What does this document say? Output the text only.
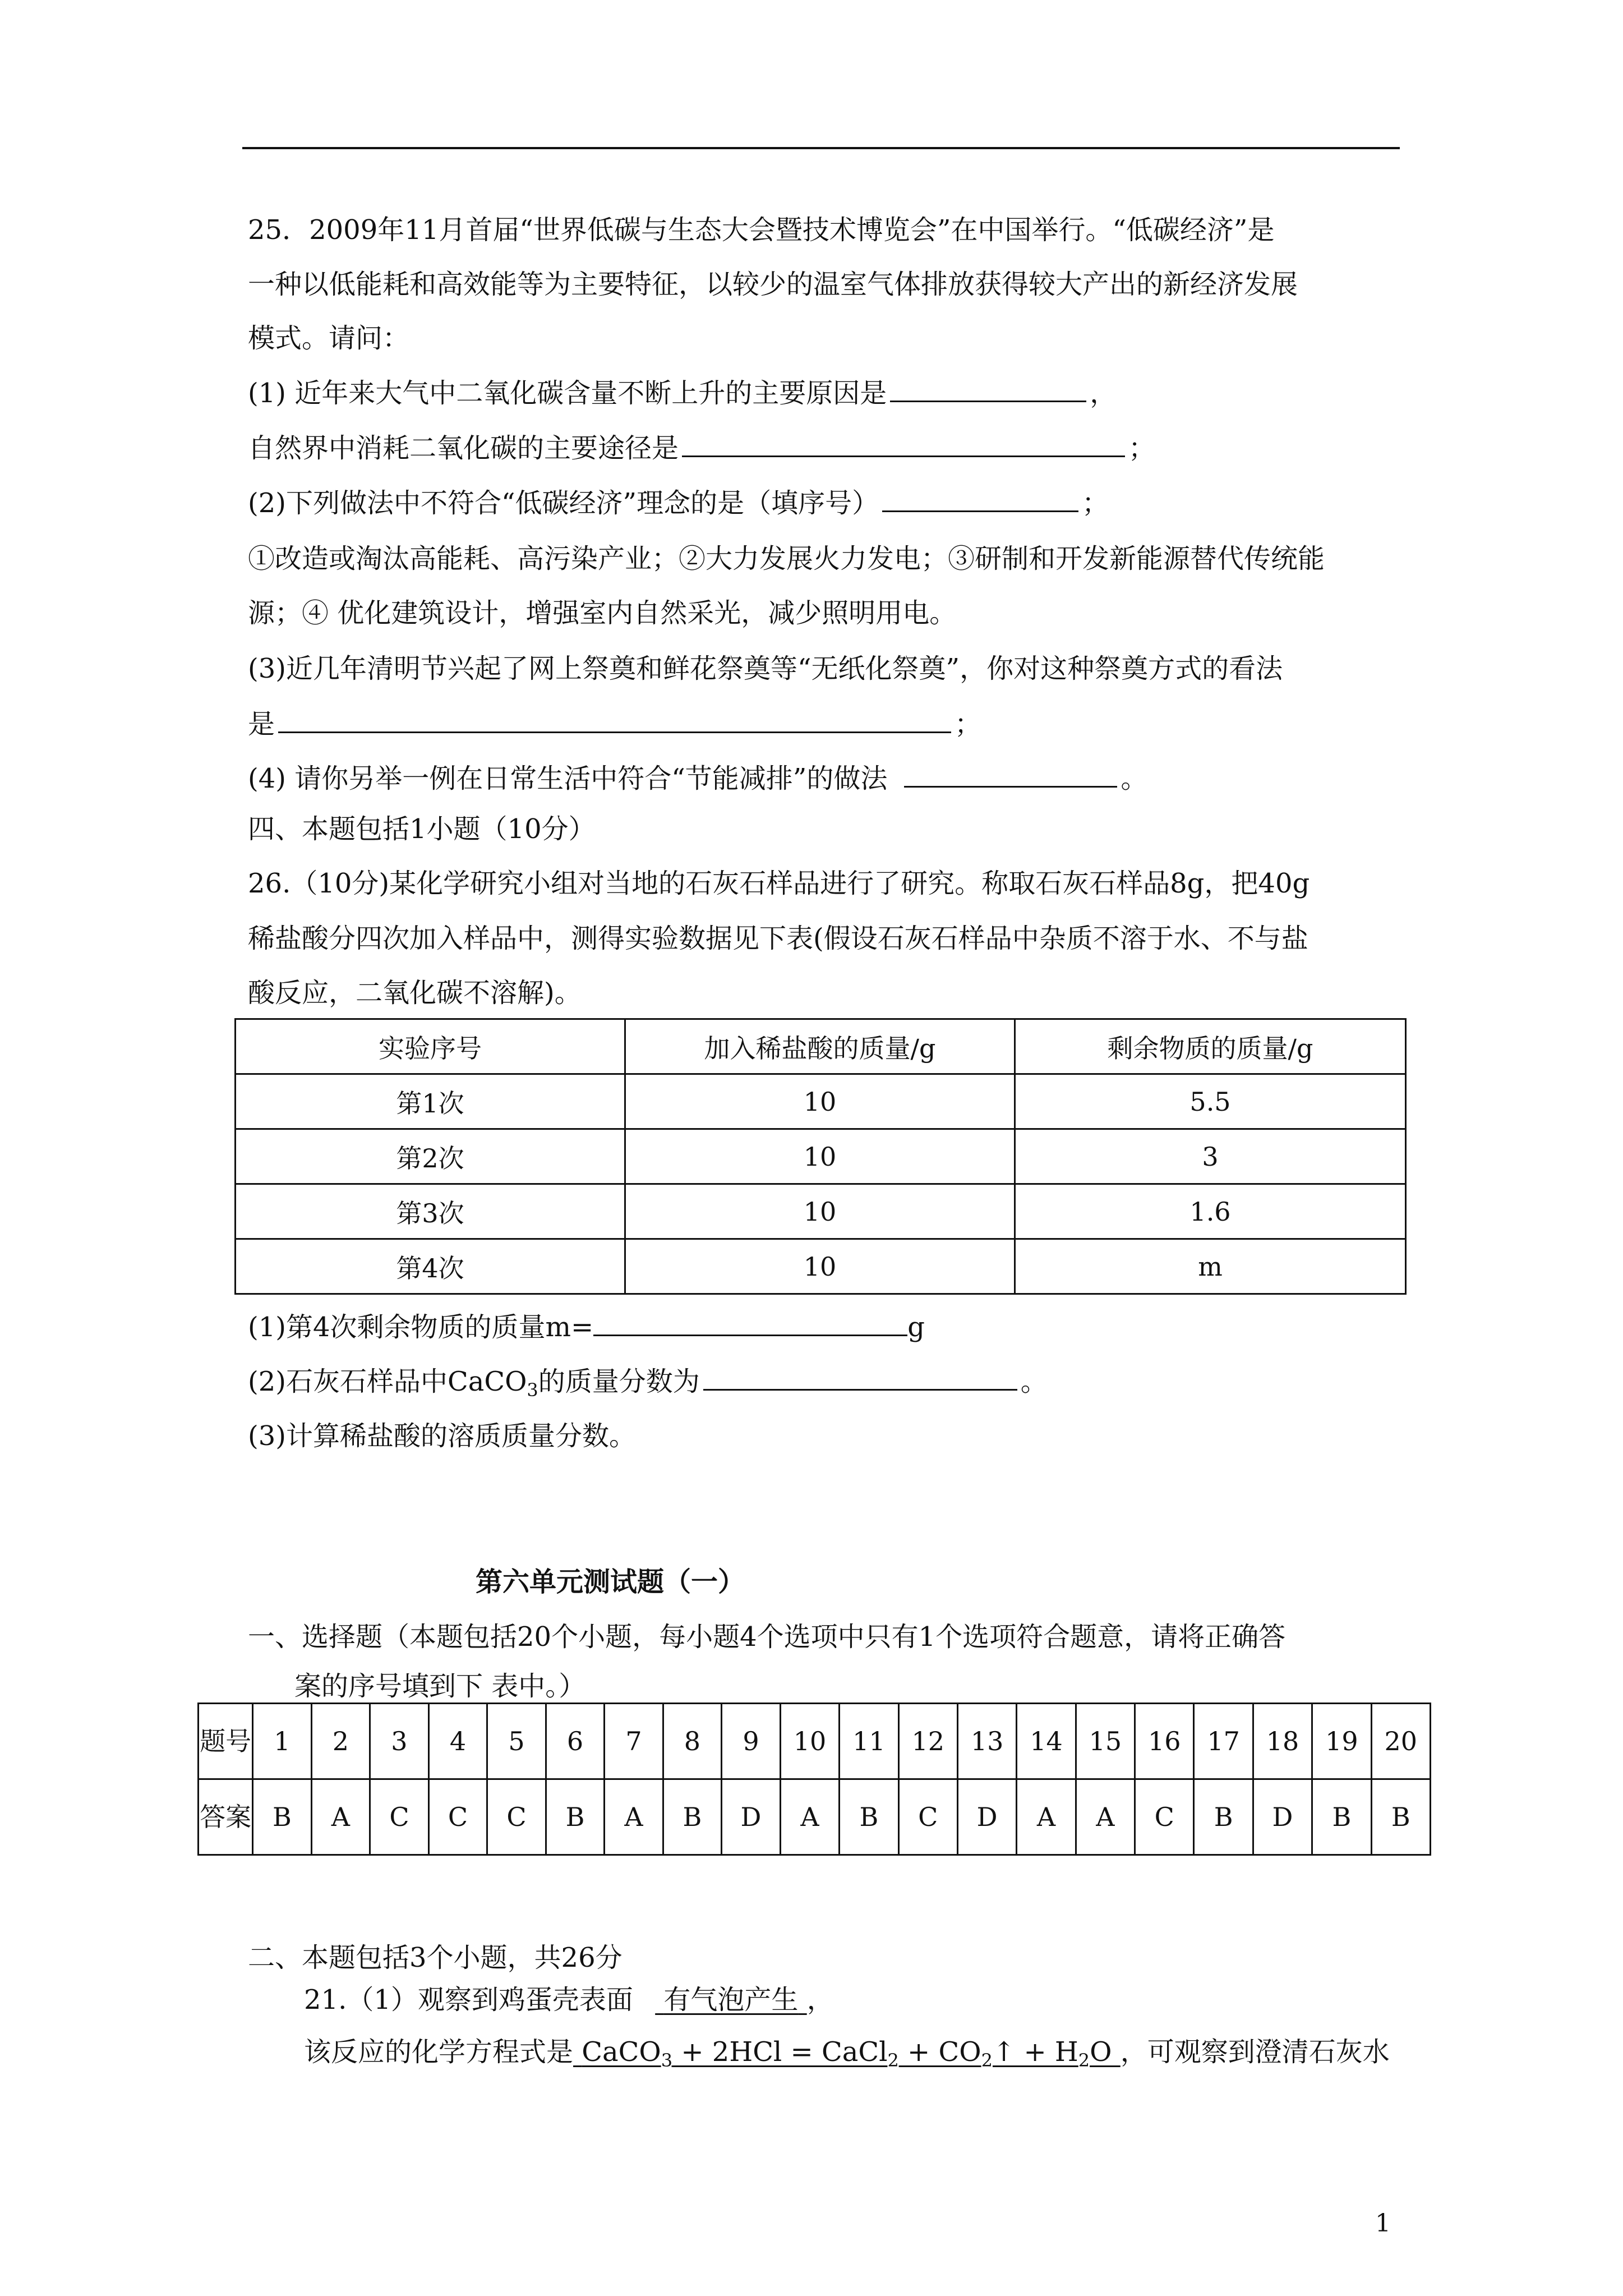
25．2009年11月首届“世界低碳与生态大会暨技术博览会”在中国举行。“低碳经济”是
一种以低能耗和高效能等为主要特征，以较少的温室气体排放获得较大产出的新经济发展
模式。请问：
(1) 近年来大气中二氧化碳含量不断上升的主要原因是	，
自然界中消耗二氧化碳的主要途径是	；
(2)下列做法中不符合“低碳经济”理念的是（填序号）	；
①改造或淘汰高能耗、高污染产业；②大力发展火力发电；③研制和开发新能源替代传统能
源；④ 优化建筑设计，增强室内自然采光，减少照明用电。
(3)近几年清明节兴起了网上祭奠和鲜花祭奠等“无纸化祭奠”，你对这种祭奠方式的看法
是	；
(4) 请你另举一例在日常生活中符合“节能减排”的做法	。
四、本题包括1小题（10分）
26.（10分)某化学研究小组对当地的石灰石样品进行了研究。称取石灰石样品8g，把40g
稀盐酸分四次加入样品中，测得实验数据见下表(假设石灰石样品中杂质不溶于水、不与盐
酸反应，二氧化碳不溶解)。
实验序号	加入稀盐酸的质量/g	剩余物质的质量/g
第1次	10	5.5
第2次	10	3
第3次	10	1.6
第4次	10	m
(1)第4次剩余物质的质量m=	g
(2)石灰石样品中CaCO$_3$的质量分数为	。
(3)计算稀盐酸的溶质质量分数。
第六单元测试题（一）
一、选择题（本题包括20个小题，每小题4个选项中只有1个选项符合题意，请将正确答
案的序号填到下 表中。）
题号	1	2	3	4	5	6	7	8	9	10	11	12	13	14	15	16	17	18	19	20
答案	B	A	C	C	C	B	A	B	D	A	B	C	D	A	A	C	B	D	B	B
二、本题包括3个小题，共26分
21.（1）观察到鸡蛋壳表面 有气泡产生 ，
该反应的化学方程式是 CaCO$_3$ + 2HCl = CaCl$_2$ + $CO_2↑ + H_2O$ ，可观察到澄清石灰水
1
